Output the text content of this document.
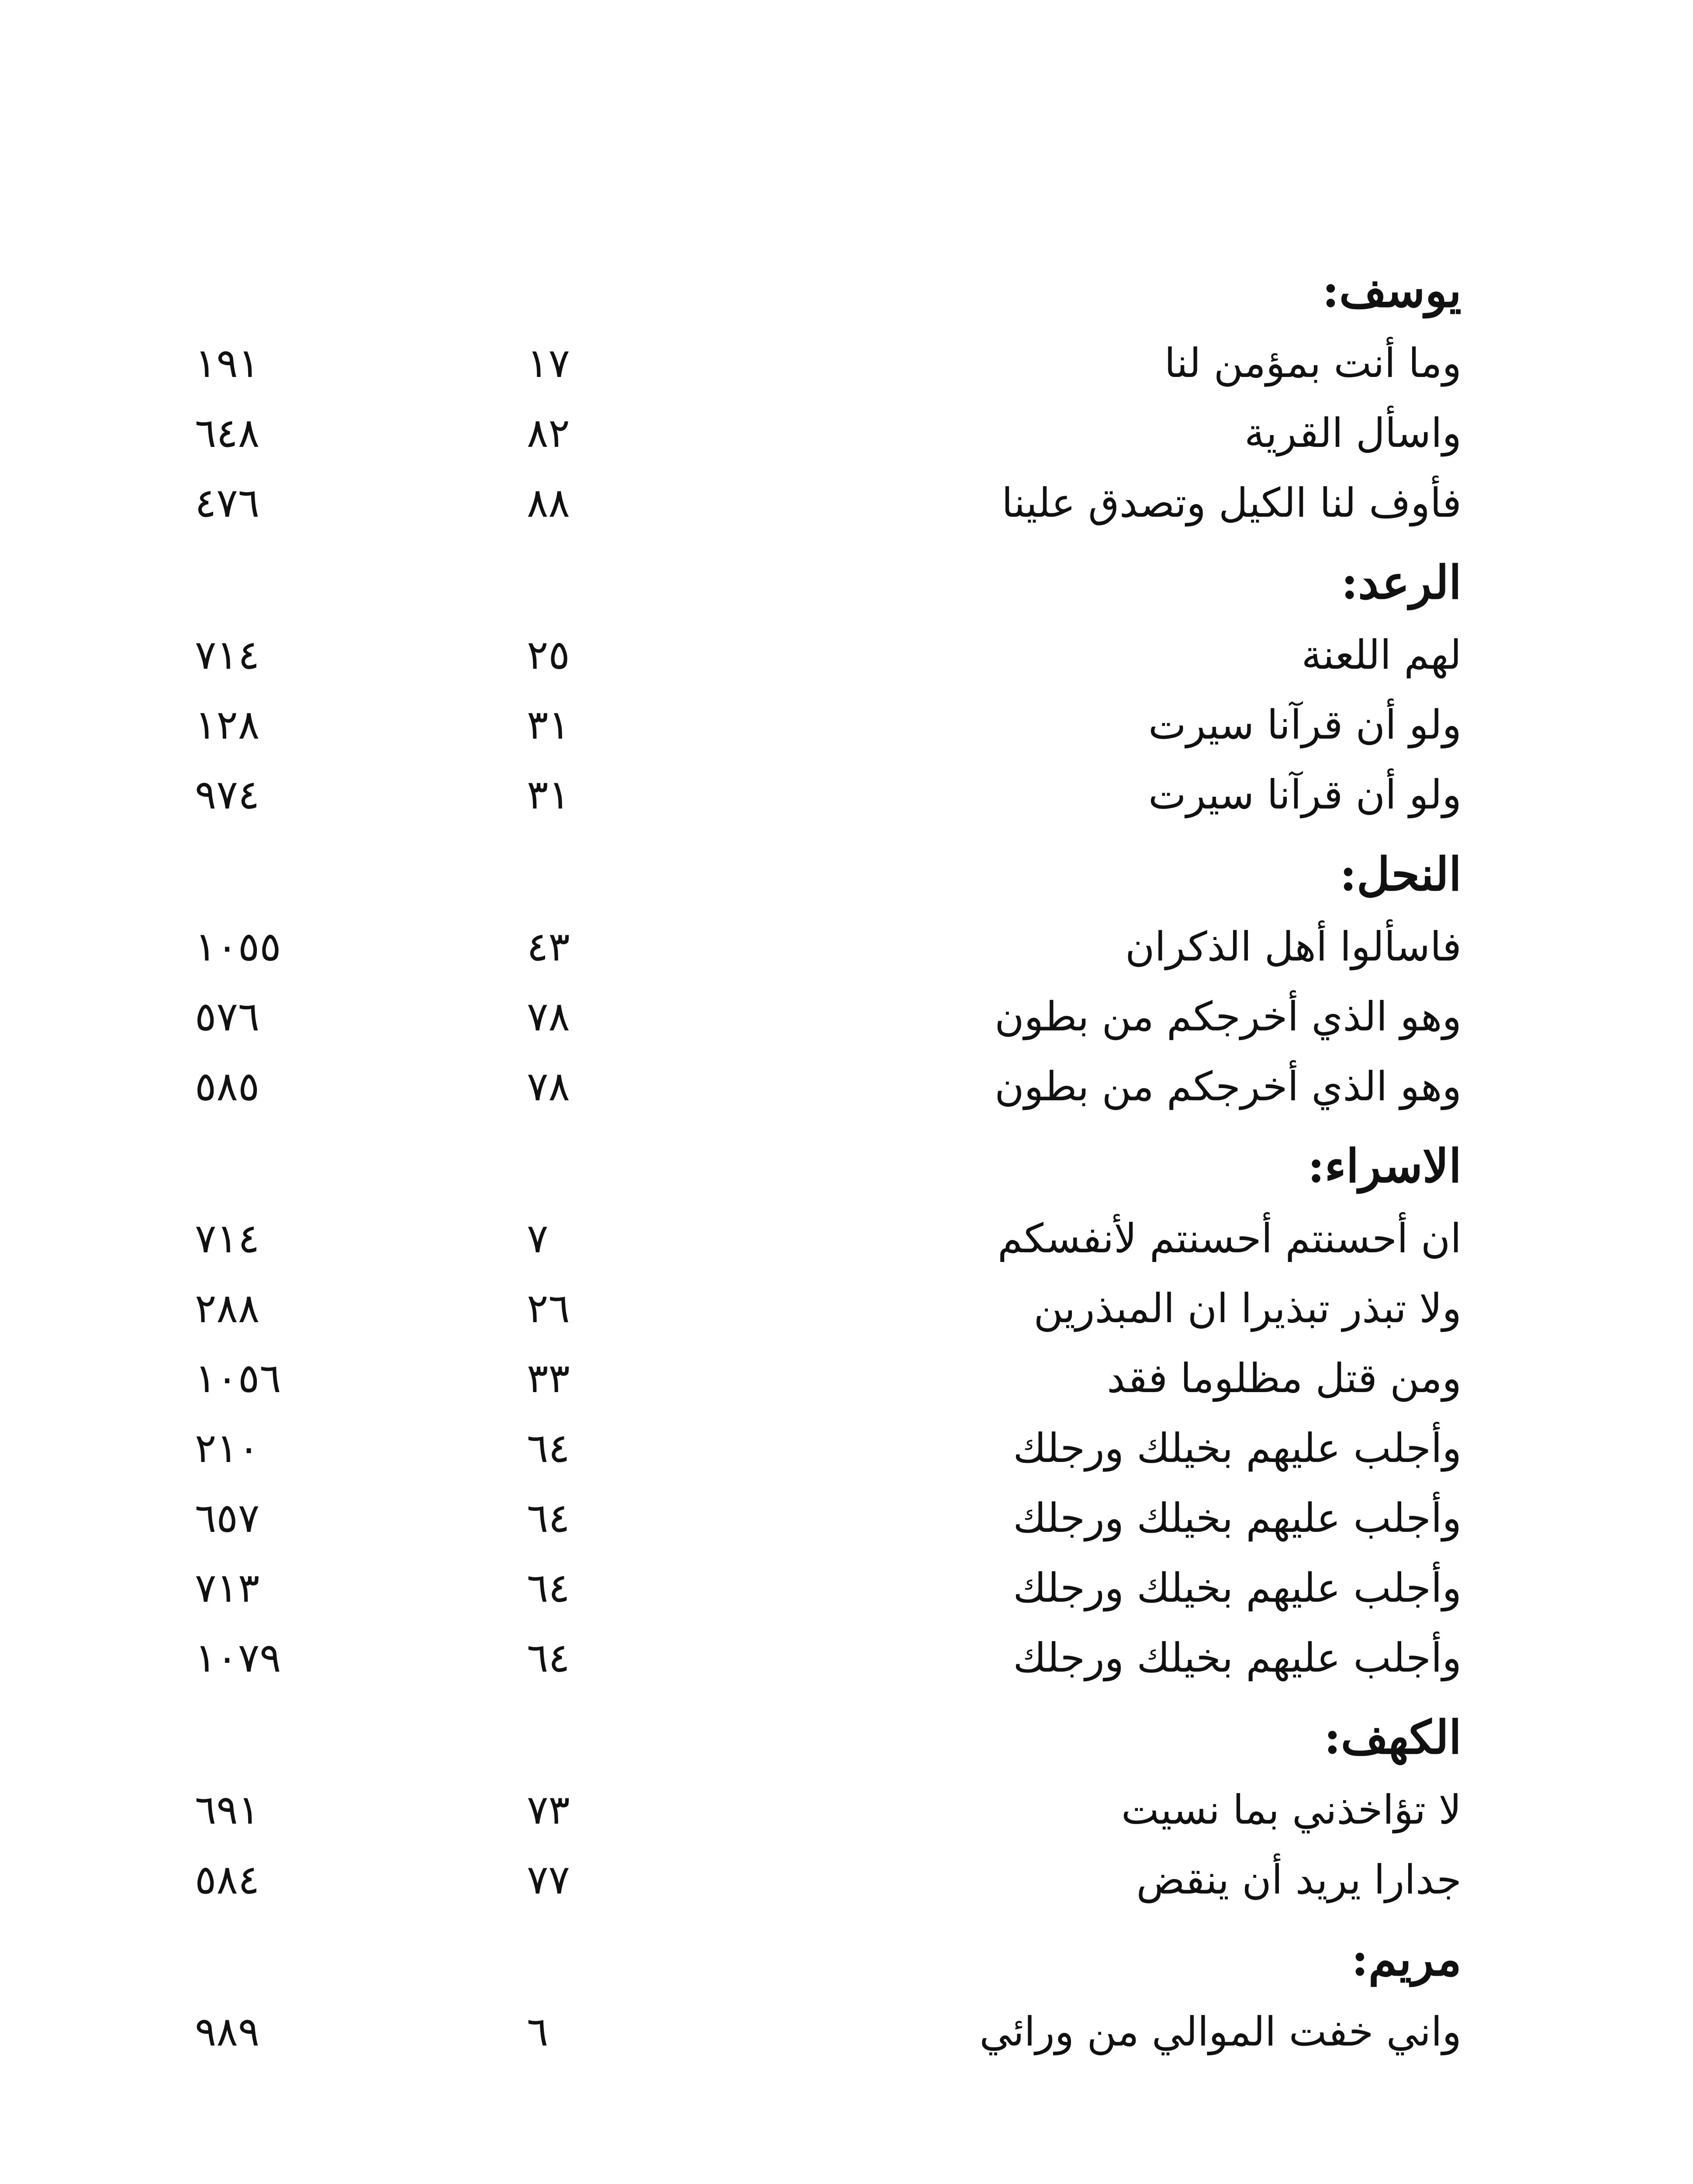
يوسف:
وما أنت بمؤمن لنا
١٧
١٩١
واسأل القرية
٨٢
٦٤٨
فأوف لنا الكيل وتصدق علينا
٨٨
٤٧٦
الرعد:
لهم اللعنة
٢٥
٧١٤
ولو أن قرآنا سيرت
٣١
١٢٨
ولو أن قرآنا سيرت
٣١
٩٧٤
النحل:
فاسألوا أهل الذكران
٤٣
١٠٥٥
وهو الذي أخرجكم من بطون
٧٨
٥٧٦
وهو الذي أخرجكم من بطون
٧٨
٥٨٥
الاسراء:
ان أحسنتم أحسنتم لأنفسكم
٧
٧١٤
ولا تبذر تبذيرا ان المبذرين
٢٦
٢٨٨
ومن قتل مظلوما فقد
٣٣
١٠٥٦
وأجلب عليهم بخيلك ورجلك
٦٤
٢١٠
وأجلب عليهم بخيلك ورجلك
٦٤
٦٥٧
وأجلب عليهم بخيلك ورجلك
٦٤
٧١٣
وأجلب عليهم بخيلك ورجلك
٦٤
١٠٧٩
الكهف:
لا تؤاخذني بما نسيت
٧٣
٦٩١
جدارا يريد أن ينقض
٧٧
٥٨٤
مريم:
واني خفت الموالي من ورائي
٦
٩٨٩
